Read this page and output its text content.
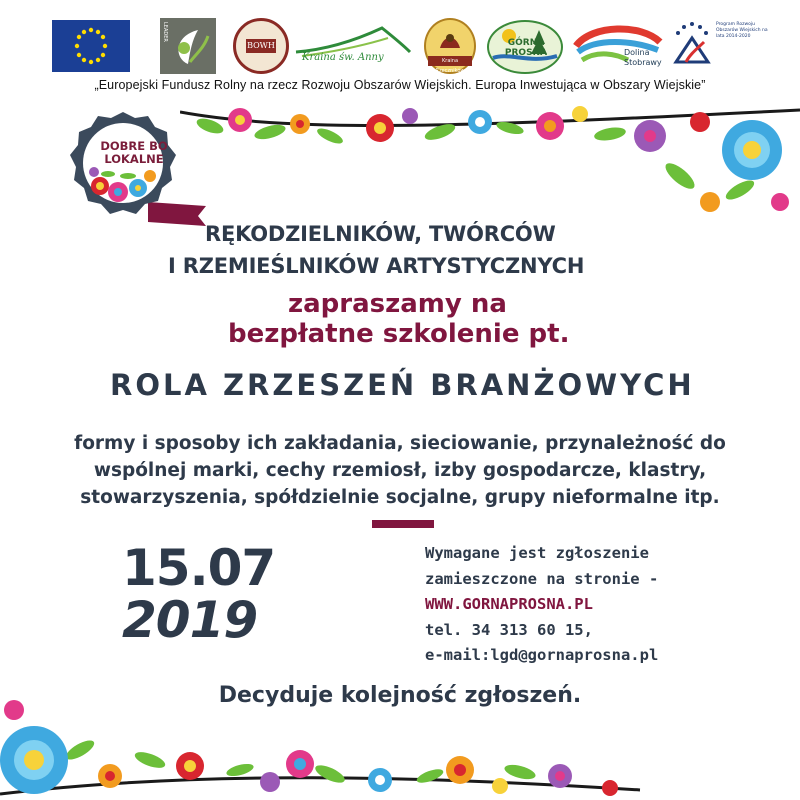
LEADER
BOWH
Kraina św. Anny	Kraina Rzeczników
GÓRNA PROSNA	Dolina Stobrawy
Program Rozwoju Obszarów Wiejskich na lata 2014-2020
„Europejski Fundusz Rolny na rzecz Rozwoju Obszarów Wiejskich. Europa Inwestująca w Obszary Wiejskie”
DOBRE BO LOKALNE
RĘKODZIELNIKÓW, TWÓRCÓW
I RZEMIEŚLNIKÓW ARTYSTYCZNYCH
zapraszamy na
bezpłatne szkolenie pt.
ROLA ZRZESZEŃ BRANŻOWYCH
formy i sposoby ich zakładania, sieciowanie, przynależność do
wspólnej marki, cechy rzemiosł, izby gospodarcze, klastry,
stowarzyszenia, spółdzielnie socjalne, grupy nieformalne itp.
15.07
2019
Wymagane jest zgłoszenie
zamieszczone na stronie -
WWW.GORNAPROSNA.PL
tel. 34 313 60 15,
e-mail:lgd@gornaprosna.pl
Decyduje kolejność zgłoszeń.
